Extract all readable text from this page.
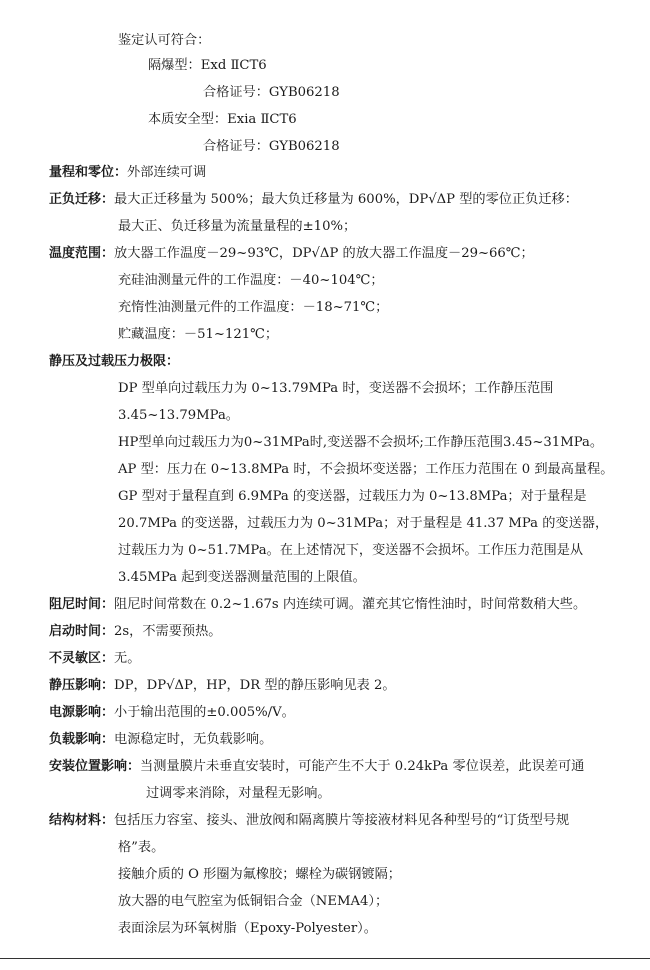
鉴定认可符合：
隔爆型：Exd ⅡCT6
合格证号：GYB06218
本质安全型：Exia ⅡCT6
合格证号：GYB06218
量程和零位：外部连续可调
正负迁移：最大正迁移量为 500%；最大负迁移量为 600%，DP√ΔP 型的零位正负迁移：
最大正、负迁移量为流量量程的±10%；
温度范围：放大器工作温度－29~93℃，DP√ΔP 的放大器工作温度－29~66℃；
充硅油测量元件的工作温度：－40~104℃；
充惰性油测量元件的工作温度：－18~71℃；
贮藏温度：－51~121℃；
静压及过载压力极限：
DP 型单向过载压力为 0~13.79MPa 时，变送器不会损坏；工作静压范围
3.45~13.79MPa。
HP型单向过载压力为0~31MPa时,变送器不会损坏;工作静压范围3.45~31MPa。
AP 型：压力在 0~13.8MPa 时，不会损坏变送器；工作压力范围在 0 到最高量程。
GP 型对于量程直到 6.9MPa 的变送器，过载压力为 0~13.8MPa；对于量程是
20.7MPa 的变送器，过载压力为 0~31MPa；对于量程是 41.37 MPa 的变送器，
过载压力为 0~51.7MPa。在上述情况下，变送器不会损坏。工作压力范围是从
3.45MPa 起到变送器测量范围的上限值。
阻尼时间：阻尼时间常数在 0.2~1.67s 内连续可调。灌充其它惰性油时，时间常数稍大些。
启动时间：2s，不需要预热。
不灵敏区：无。
静压影响：DP，DP√ΔP，HP，DR 型的静压影响见表 2。
电源影响：小于输出范围的±0.005%/V。
负载影响：电源稳定时，无负载影响。
安装位置影响：当测量膜片未垂直安装时，可能产生不大于 0.24kPa 零位误差，此误差可通
过调零来消除，对量程无影响。
结构材料：包括压力容室、接头、泄放阀和隔离膜片等接液材料见各种型号的“订货型号规
格”表。
接触介质的 O 形圈为氟橡胶；螺栓为碳钢镀隔；
放大器的电气腔室为低铜铝合金（NEMA4）；
表面涂层为环氧树脂（Epoxy-Polyester）。
